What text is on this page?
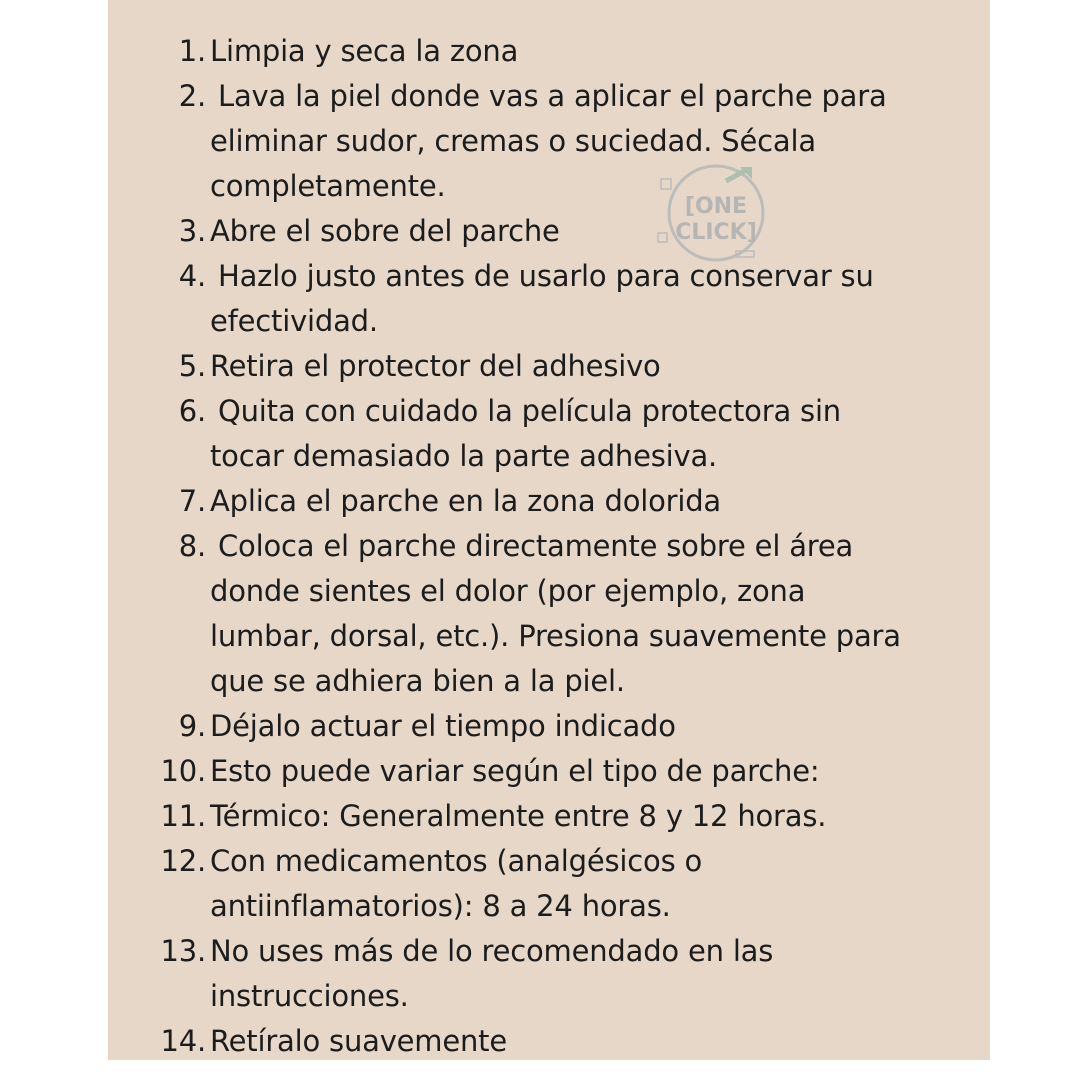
1. Limpia y seca la zona
2. Lava la piel donde vas a aplicar el parche para
eliminar sudor, cremas o suciedad. Sécala
completamente.
3. Abre el sobre del parche
4. Hazlo justo antes de usarlo para conservar su
efectividad.
5. Retira el protector del adhesivo
6. Quita con cuidado la película protectora sin
tocar demasiado la parte adhesiva.
7. Aplica el parche en la zona dolorida
8. Coloca el parche directamente sobre el área
donde sientes el dolor (por ejemplo, zona
lumbar, dorsal, etc.). Presiona suavemente para
que se adhiera bien a la piel.
9. Déjalo actuar el tiempo indicado
10. Esto puede variar según el tipo de parche:
11. Térmico: Generalmente entre 8 y 12 horas.
12. Con medicamentos (analgésicos o
antiinflamatorios): 8 a 24 horas.
13. No uses más de lo recomendado en las
instrucciones.
14. Retíralo suavemente
[ONE
CLICK]
